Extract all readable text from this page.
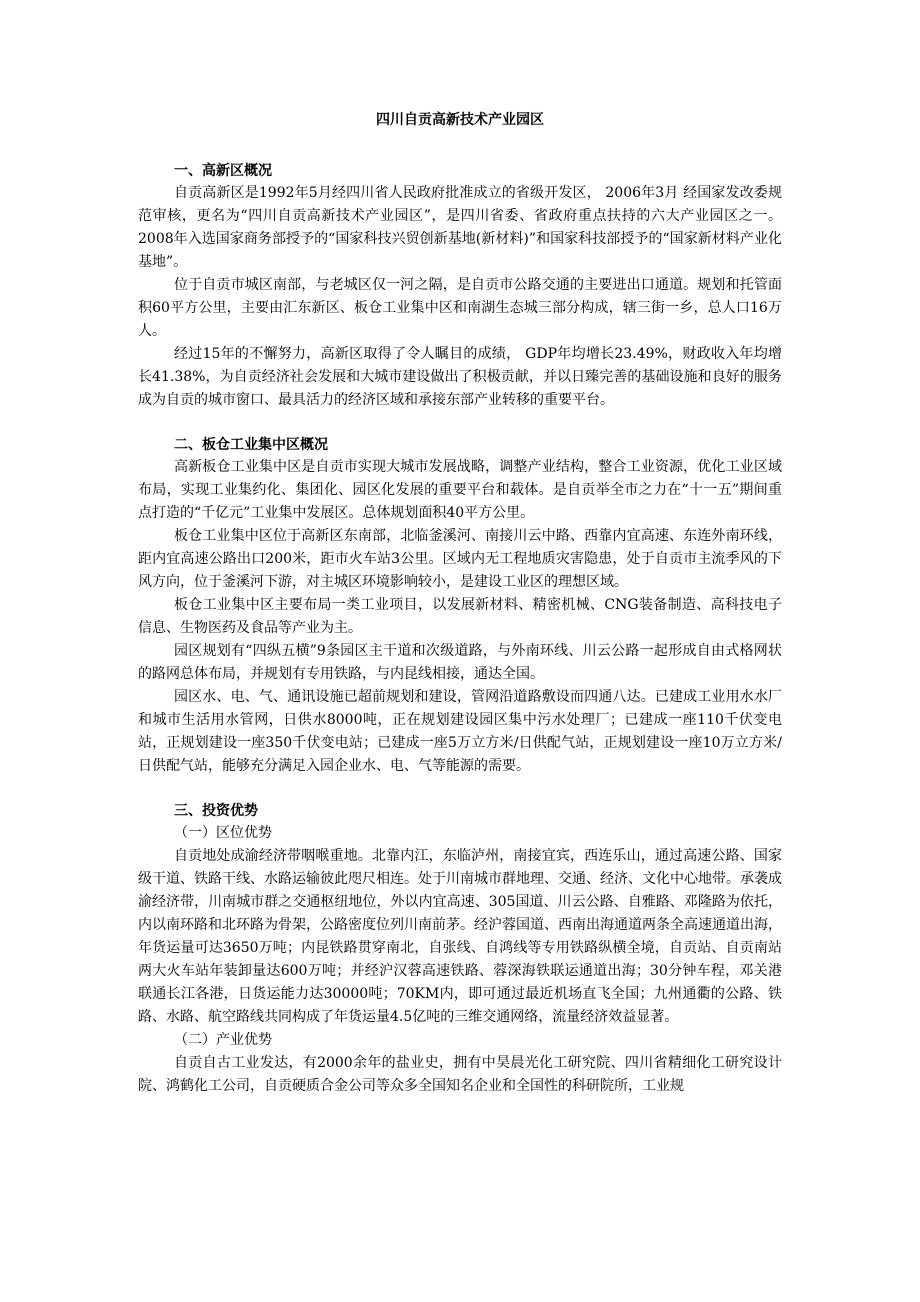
四川自贡高新技术产业园区
一、高新区概况

自贡高新区是1992年5月经四川省人民政府批准成立的省级开发区， 2006年3月 经国家发改委规范审核，更名为“四川自贡高新技术产业园区”，是四川省委、省政府重点扶持的六大产业园区之一。2008年入选国家商务部授予的“国家科技兴贸创新基地(新材料)”和国家科技部授予的“国家新材料产业化基地”。

位于自贡市城区南部，与老城区仅一河之隔，是自贡市公路交通的主要进出口通道。规划和托管面积60平方公里，主要由汇东新区、板仓工业集中区和南湖生态城三部分构成，辖三街一乡，总人口16万人。

经过15年的不懈努力，高新区取得了令人瞩目的成绩， GDP年均增长23.49%，财政收入年均增长41.38%，为自贡经济社会发展和大城市建设做出了积极贡献，并以日臻完善的基础设施和良好的服务成为自贡的城市窗口、最具活力的经济区域和承接东部产业转移的重要平台。

二、板仓工业集中区概况

高新板仓工业集中区是自贡市实现大城市发展战略，调整产业结构，整合工业资源，优化工业区域布局，实现工业集约化、集团化、园区化发展的重要平台和载体。是自贡举全市之力在“十一五”期间重点打造的“千亿元”工业集中发展区。总体规划面积40平方公里。

板仓工业集中区位于高新区东南部，北临釜溪河、南接川云中路、西靠内宜高速、东连外南环线，距内宜高速公路出口200米，距市火车站3公里。区域内无工程地质灾害隐患，处于自贡市主流季风的下风方向，位于釜溪河下游，对主城区环境影响较小，是建设工业区的理想区域。

板仓工业集中区主要布局一类工业项目，以发展新材料、精密机械、CNG装备制造、高科技电子信息、生物医药及食品等产业为主。

园区规划有“四纵五横”9条园区主干道和次级道路，与外南环线、川云公路一起形成自由式格网状的路网总体布局，并规划有专用铁路，与内昆线相接，通达全国。

园区水、电、气、通讯设施已超前规划和建设，管网沿道路敷设而四通八达。已建成工业用水水厂和城市生活用水管网，日供水8000吨，正在规划建设园区集中污水处理厂；已建成一座110千伏变电站，正规划建设一座350千伏变电站；已建成一座5万立方米/日供配气站，正规划建设一座10万立方米/日供配气站，能够充分满足入园企业水、电、气等能源的需要。

三、投资优势
（一）区位优势

自贡地处成渝经济带咽喉重地。北靠内江，东临泸州，南接宜宾，西连乐山，通过高速公路、国家级干道、铁路干线、水路运输彼此咫尺相连。处于川南城市群地理、交通、经济、文化中心地带。承袭成渝经济带，川南城市群之交通枢纽地位，外以内宜高速、305国道、川云公路、自雅路、邓隆路为依托，内以南环路和北环路为骨架，公路密度位列川南前茅。经沪蓉国道、西南出海通道两条全高速通道出海，年货运量可达3650万吨；内昆铁路贯穿南北，自张线、自鸿线等专用铁路纵横全境，自贡站、自贡南站两大火车站年装卸量达600万吨；并经沪汉蓉高速铁路、蓉深海铁联运通道出海；30分钟车程，邓关港联通长江各港，日货运能力达30000吨；70KM内，即可通过最近机场直飞全国；九州通衢的公路、铁路、水路、航空路线共同构成了年货运量4.5亿吨的三维交通网络，流量经济效益显著。

（二）产业优势

自贡自古工业发达，有2000余年的盐业史，拥有中昊晨光化工研究院、四川省精细化工研究设计院、鸿鹤化工公司，自贡硬质合金公司等众多全国知名企业和全国性的科研院所，工业规
